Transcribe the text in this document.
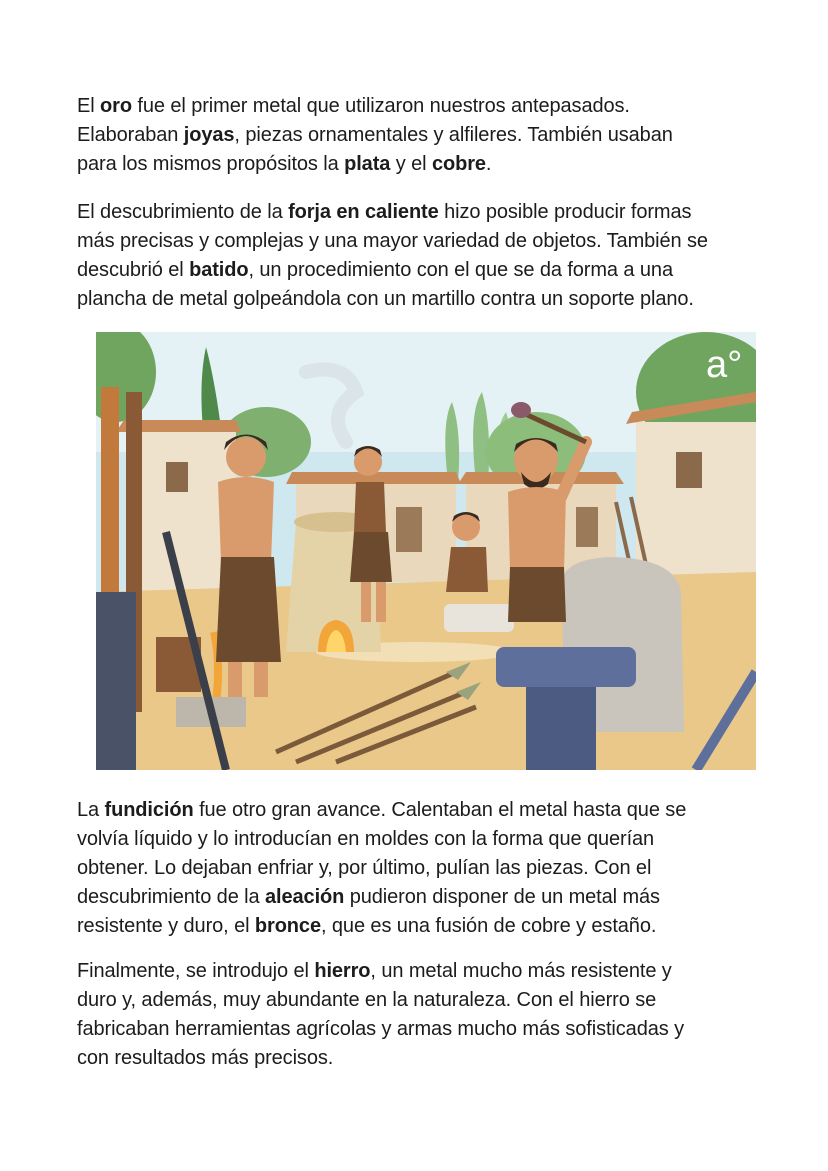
El oro fue el primer metal que utilizaron nuestros antepasados.
Elaboraban joyas, piezas ornamentales y alfileres. También usaban
para los mismos propósitos la plata y el cobre.

El descubrimiento de la forja en caliente hizo posible producir formas
más precisas y complejas y una mayor variedad de objetos. También se
descubrió el batido, un procedimiento con el que se da forma a una
plancha de metal golpeándola con un martillo contra un soporte plano.

a°

La fundición fue otro gran avance. Calentaban el metal hasta que se
volvía líquido y lo introducían en moldes con la forma que querían
obtener. Lo dejaban enfriar y, por último, pulían las piezas. Con el
descubrimiento de la aleación pudieron disponer de un metal más
resistente y duro, el bronce, que es una fusión de cobre y estaño.

Finalmente, se introdujo el hierro, un metal mucho más resistente y
duro y, además, muy abundante en la naturaleza. Con el hierro se
fabricaban herramientas agrícolas y armas mucho más sofisticadas y
con resultados más precisos.
